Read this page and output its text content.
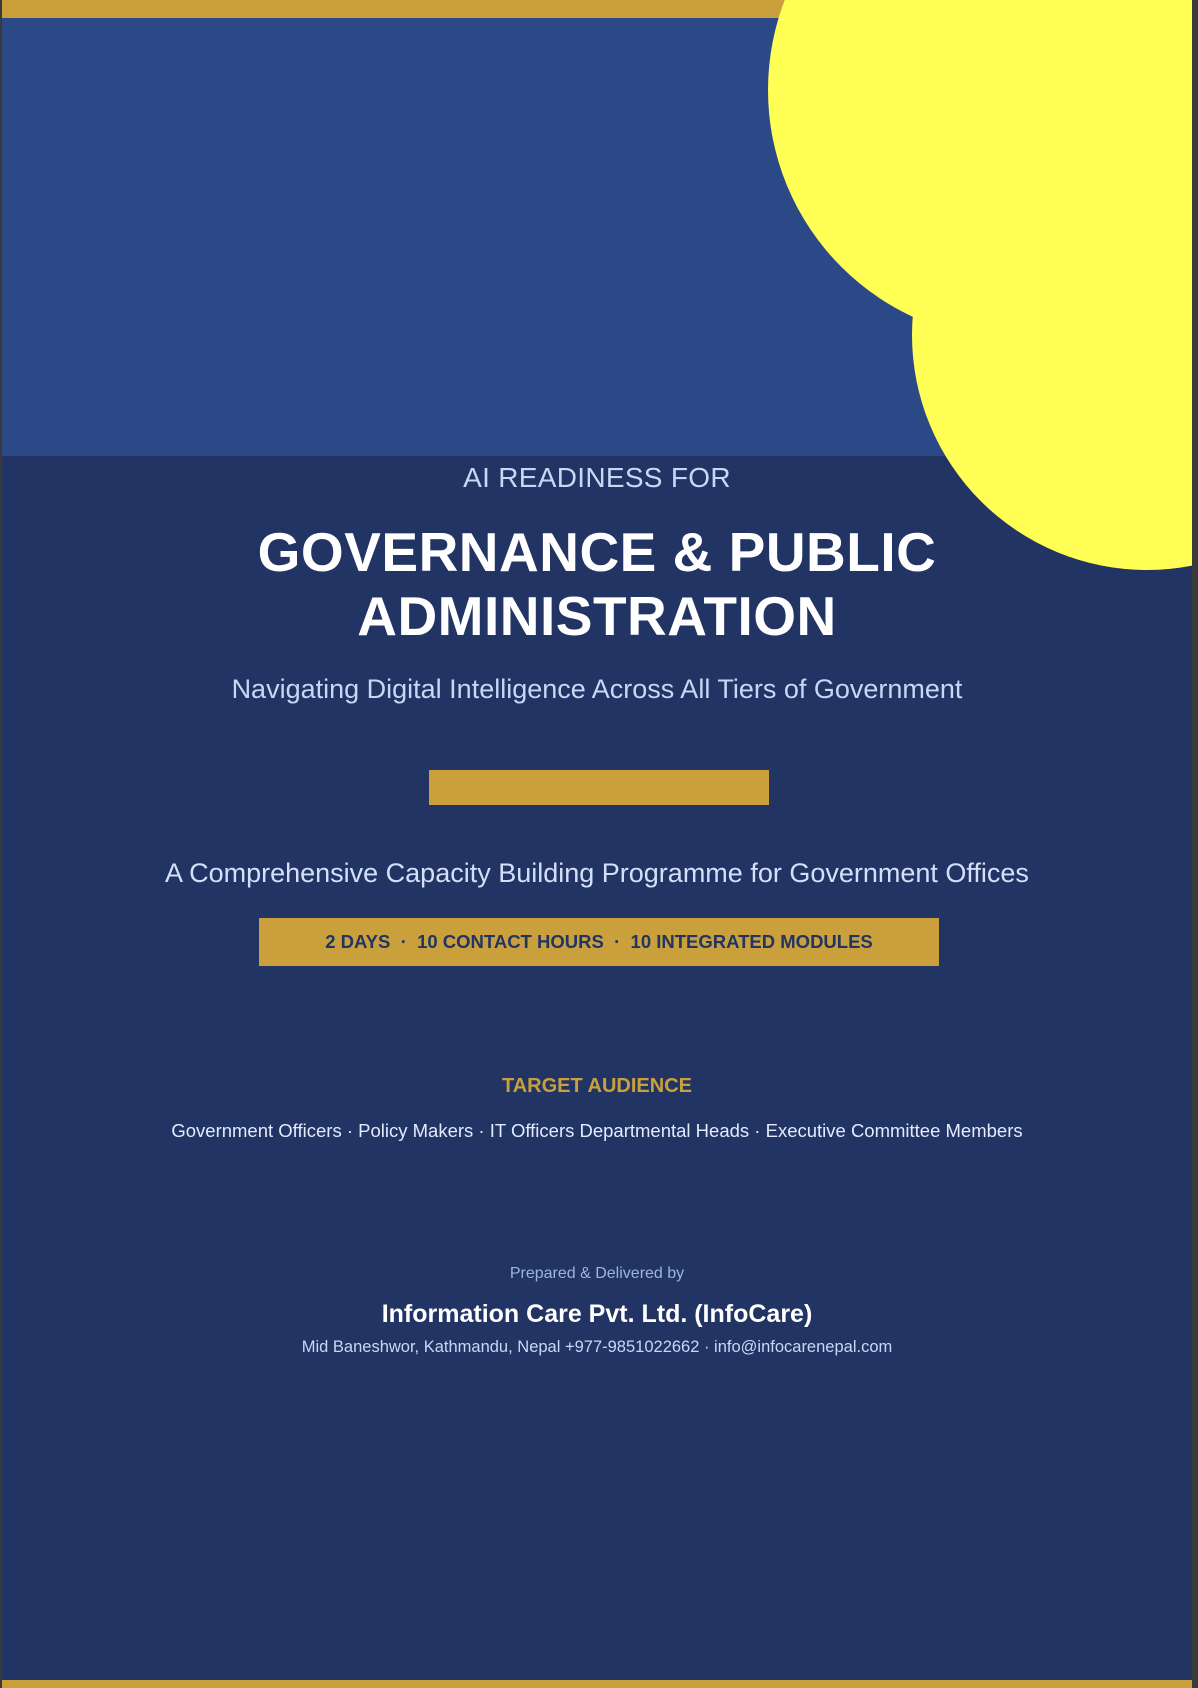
AI READINESS FOR
GOVERNANCE & PUBLIC
ADMINISTRATION
Navigating Digital Intelligence Across All Tiers of Government
A Comprehensive Capacity Building Programme for Government Offices
2 DAYS  ·  10 CONTACT HOURS  ·  10 INTEGRATED MODULES
TARGET AUDIENCE
Government Officers · Policy Makers · IT Officers Departmental Heads · Executive Committee Members
Prepared & Delivered by
Information Care Pvt. Ltd. (InfoCare)
Mid Baneshwor, Kathmandu, Nepal +977-9851022662 · info@infocarenepal.com
